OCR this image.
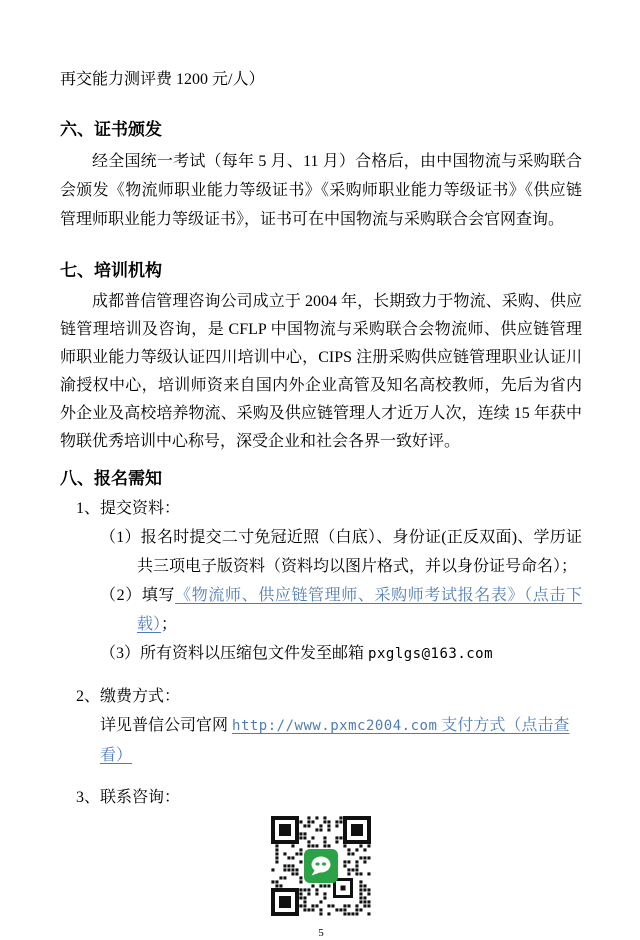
再交能力测评费 1200 元/人）

六、证书颁发

经全国统一考试（每年 5 月、11 月）合格后，由中国物流与采购联合会颁发《物流师职业能力等级证书》《采购师职业能力等级证书》《供应链管理师职业能力等级证书》，证书可在中国物流与采购联合会官网查询。

七、培训机构

成都普信管理咨询公司成立于 2004 年，长期致力于物流、采购、供应链管理培训及咨询，是 CFLP 中国物流与采购联合会物流师、供应链管理师职业能力等级认证四川培训中心，CIPS 注册采购供应链管理职业认证川渝授权中心，培训师资来自国内外企业高管及知名高校教师，先后为省内外企业及高校培养物流、采购及供应链管理人才近万人次，连续 15 年获中物联优秀培训中心称号，深受企业和社会各界一致好评。

八、报名需知

1、提交资料：

（1）报名时提交二寸免冠近照（白底）、身份证(正反双面)、学历证共三项电子版资料（资料均以图片格式，并以身份证号命名）；

（2）填写《物流师、供应链管理师、采购师考试报名表》（点击下载）；

（3）所有资料以压缩包文件发至邮箱 pxglgs@163.com

2、缴费方式：

详见普信公司官网 http://www.pxmc2004.com 支付方式（点击查看）

3、联系咨询：

5
